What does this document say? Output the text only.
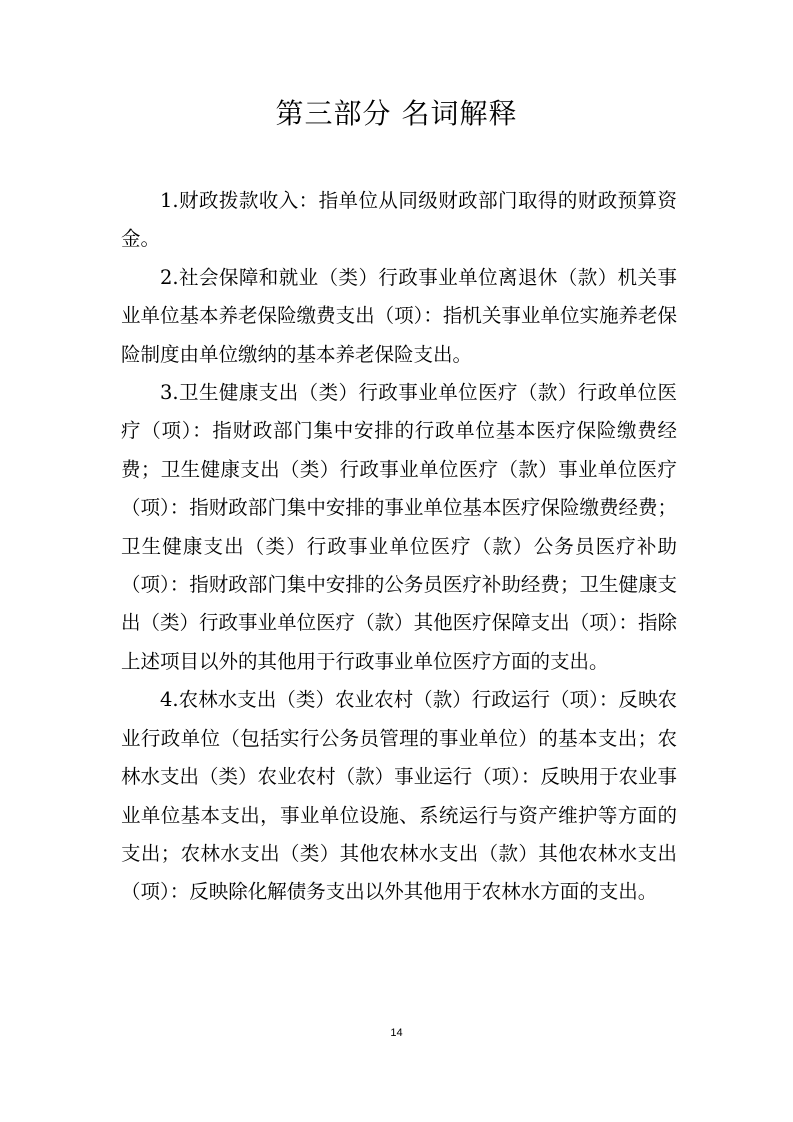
第三部分 名词解释

1.财政拨款收入：指单位从同级财政部门取得的财政预算资金。

2.社会保障和就业（类）行政事业单位离退休（款）机关事业单位基本养老保险缴费支出（项）：指机关事业单位实施养老保险制度由单位缴纳的基本养老保险支出。

3.卫生健康支出（类）行政事业单位医疗（款）行政单位医疗（项）：指财政部门集中安排的行政单位基本医疗保险缴费经费；卫生健康支出（类）行政事业单位医疗（款）事业单位医疗（项）：指财政部门集中安排的事业单位基本医疗保险缴费经费；卫生健康支出（类）行政事业单位医疗（款）公务员医疗补助（项）：指财政部门集中安排的公务员医疗补助经费；卫生健康支出（类）行政事业单位医疗（款）其他医疗保障支出（项）：指除上述项目以外的其他用于行政事业单位医疗方面的支出。

4.农林水支出（类）农业农村（款）行政运行（项）：反映农业行政单位（包括实行公务员管理的事业单位）的基本支出；农林水支出（类）农业农村（款）事业运行（项）：反映用于农业事业单位基本支出，事业单位设施、系统运行与资产维护等方面的支出；农林水支出（类）其他农林水支出（款）其他农林水支出（项）：反映除化解债务支出以外其他用于农林水方面的支出。

14
